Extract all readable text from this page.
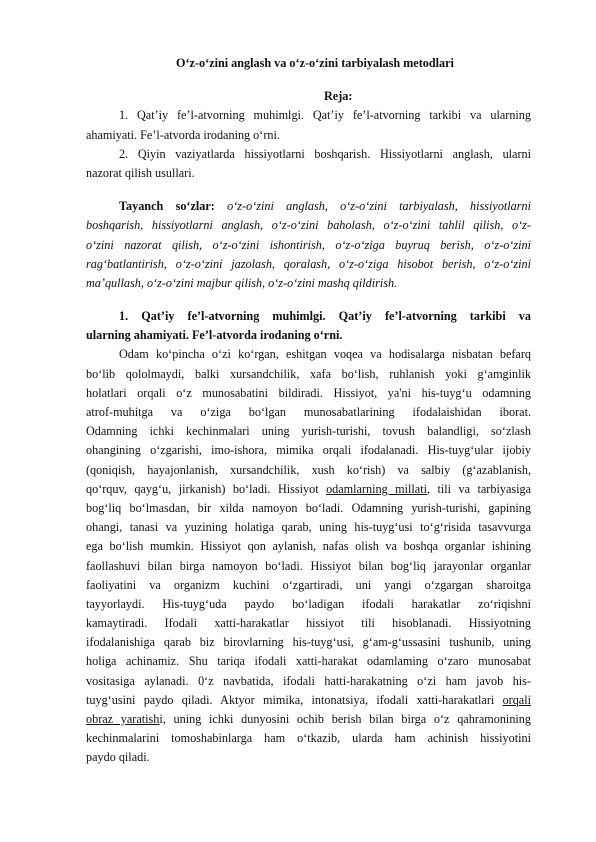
O‘z-o‘zini anglash va o‘z-o‘zini tarbiyalash metodlari
Reja:
1. Qat’iy fe’l-atvorning muhimlgi. Qat’iy fe’l-atvorning tarkibi va ularning
ahamiyati. Fe’l-atvorda irodaning o‘rni.
2. Qiyin vaziyatlarda hissiyotlarni boshqarish. Hissiyotlarni anglash, ularni
nazorat qilish usullari.
Tayanch so‘zlar: o‘z-o‘zini anglash, o‘z-o‘zini tarbiyalash, hissiyotlarni
boshqarish, hissiyotlarni anglash, o‘z-o‘zini baholash, o‘z-o‘zini tahlil qilish, o‘z-
o‘zini nazorat qilish, o‘z-o‘zini ishontirish, o‘z-o‘ziga buyruq berish, o‘z-o‘zini
rag‘batlantirish, o‘z-o‘zini jazolash, qoralash, o‘z-o‘ziga hisobot berish, o‘z-o‘zini
ma’qullash, o‘z-o‘zini majbur qilish, o‘z-o‘zini mashq qildirish.
1. Qat’iy fe’l-atvorning muhimlgi. Qat’iy fe’l-atvorning tarkibi va
ularning ahamiyati. Fe’l-atvorda irodaning o‘rni.
Odam ko‘pincha o‘zi ko‘rgan, eshitgan voqea va hodisalarga nisbatan befarq
bo‘lib qololmaydi, balki xursandchilik, xafa bo‘lish, ruhlanish yoki g‘amginlik
holatlari orqali o‘z munosabatini bildiradi. Hissiyot, ya'ni his-tuyg‘u odamning
atrof-muhitga va o‘ziga bo‘lgan munosabatlarining ifodalaishidan iborat.
Odamning ichki kechinmalari uning yurish-turishi, tovush balandligi, so‘zlash
ohangining o‘zgarishi, imo-ishora, mimika orqali ifodalanadi. His-tuyg‘ular ijobiy
(qoniqish, hayajonlanish, xursandchilik, xush ko‘rish) va salbiy (g‘azablanish,
qo‘rquv, qayg‘u, jirkanish) bo‘ladi. Hissiyot odamlarning millati, tili va tarbiyasiga
bog‘liq bo‘lmasdan, bir xilda namoyon bo‘ladi. Odamning yurish-turishi, gapining
ohangi, tanasi va yuzining holatiga qarab, uning his-tuyg‘usi to‘g‘risida tasavvurga
ega bo‘lish mumkin. Hissiyot qon aylanish, nafas olish va boshqa organlar ishining
faollashuvi bilan birga namoyon bo‘ladi. Hissiyot bilan bog‘liq jarayonlar organlar
faoliyatini va organizm kuchini o‘zgartiradi, uni yangi o‘zgargan sharoitga
tayyorlaydi. His-tuyg‘uda paydo bo‘ladigan ifodali harakatlar zo‘riqishni
kamaytiradi. Ifodali xatti-harakatlar hissiyot tili hisoblanadi. Hissiyotning
ifodalanishiga qarab biz birovlarning his-tuyg‘usi, g‘am-g‘ussasini tushunib, uning
holiga achinamiz. Shu tariqa ifodali xatti-harakat odamlaming o‘zaro munosabat
vositasiga aylanadi. 0‘z navbatida, ifodali hatti-harakatning o‘zi ham javob his-
tuyg‘usini paydo qiladi. Aktyor mimika, intonatsiya, ifodali xatti-harakatlari orqali
obraz yaratishi, uning ichki dunyosini ochib berish bilan birga o‘z qahramonining
kechinmalarini tomoshabinlarga ham o‘tkazib, ularda ham achinish hissiyotini
paydo qiladi.
